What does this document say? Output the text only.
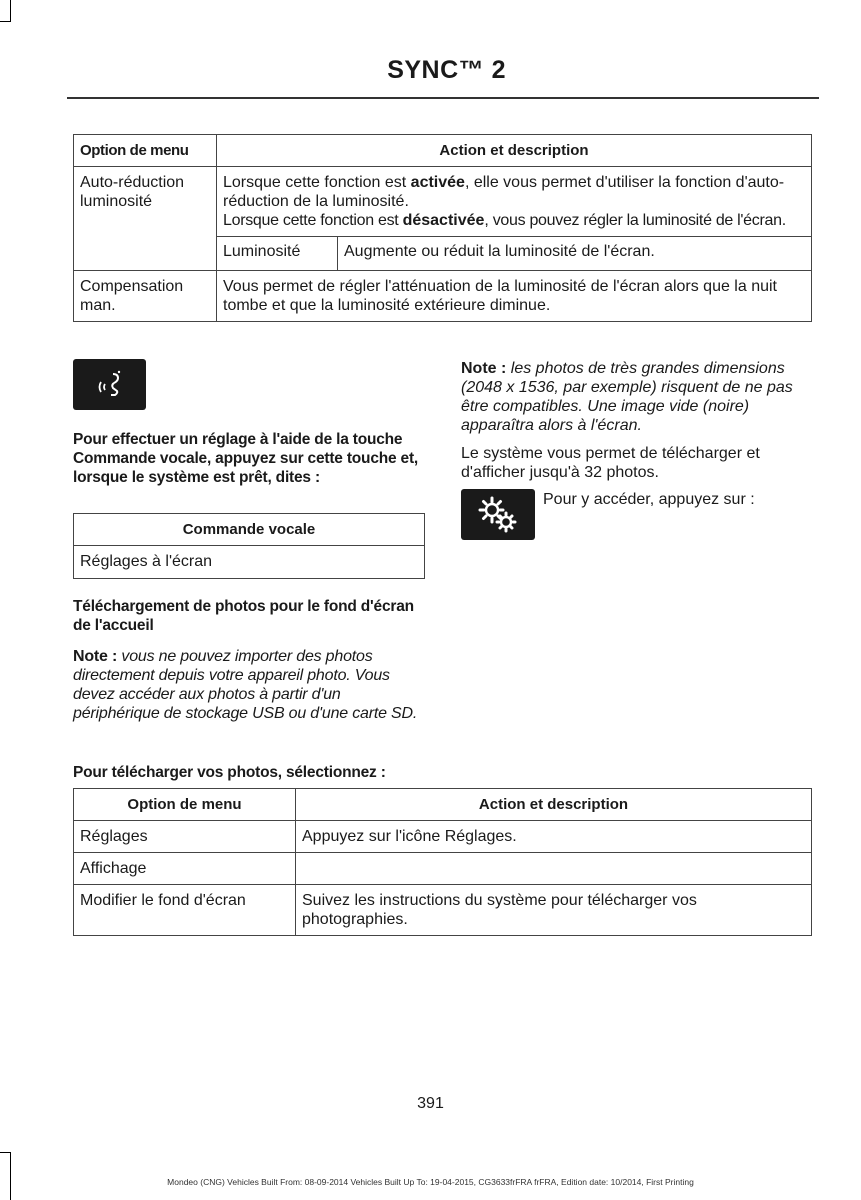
SYNC™ 2
Option de menu	Action et description	
Auto-réduction luminosité	Lorsque cette fonction est activée, elle vous permet d'utiliser la fonction d'auto-réduction de la luminosité.
Lorsque cette fonction est désactivée, vous pouvez régler la luminosité de l'écran.	
	Luminosité	Augmente ou réduit la luminosité de l'écran.
Compensation man.	Vous permet de régler l'atténuation de la luminosité de l'écran alors que la nuit tombe et que la luminosité extérieure diminue.	
Pour effectuer un réglage à l'aide de la touche Commande vocale, appuyez sur cette touche et, lorsque le système est prêt, dites :
Commande vocale
Réglages à l'écran
Téléchargement de photos pour le fond d'écran de l'accueil
Note : vous ne pouvez importer des photos directement depuis votre appareil photo. Vous devez accéder aux photos à partir d'un périphérique de stockage USB ou d'une carte SD.
Note : les photos de très grandes dimensions (2048 x 1536, par exemple) risquent de ne pas être compatibles. Une image vide (noire) apparaîtra alors à l'écran.
Le système vous permet de télécharger et d'afficher jusqu'à 32 photos.
Pour y accéder, appuyez sur :
Pour télécharger vos photos, sélectionnez :
Option de menu	Action et description
Réglages	Appuyez sur l'icône Réglages.
Affichage	
Modifier le fond d'écran	Suivez les instructions du système pour télécharger vos photographies.
391
Mondeo (CNG) Vehicles Built From: 08-09-2014 Vehicles Built Up To: 19-04-2015, CG3633frFRA frFRA, Edition date: 10/2014, First Printing
